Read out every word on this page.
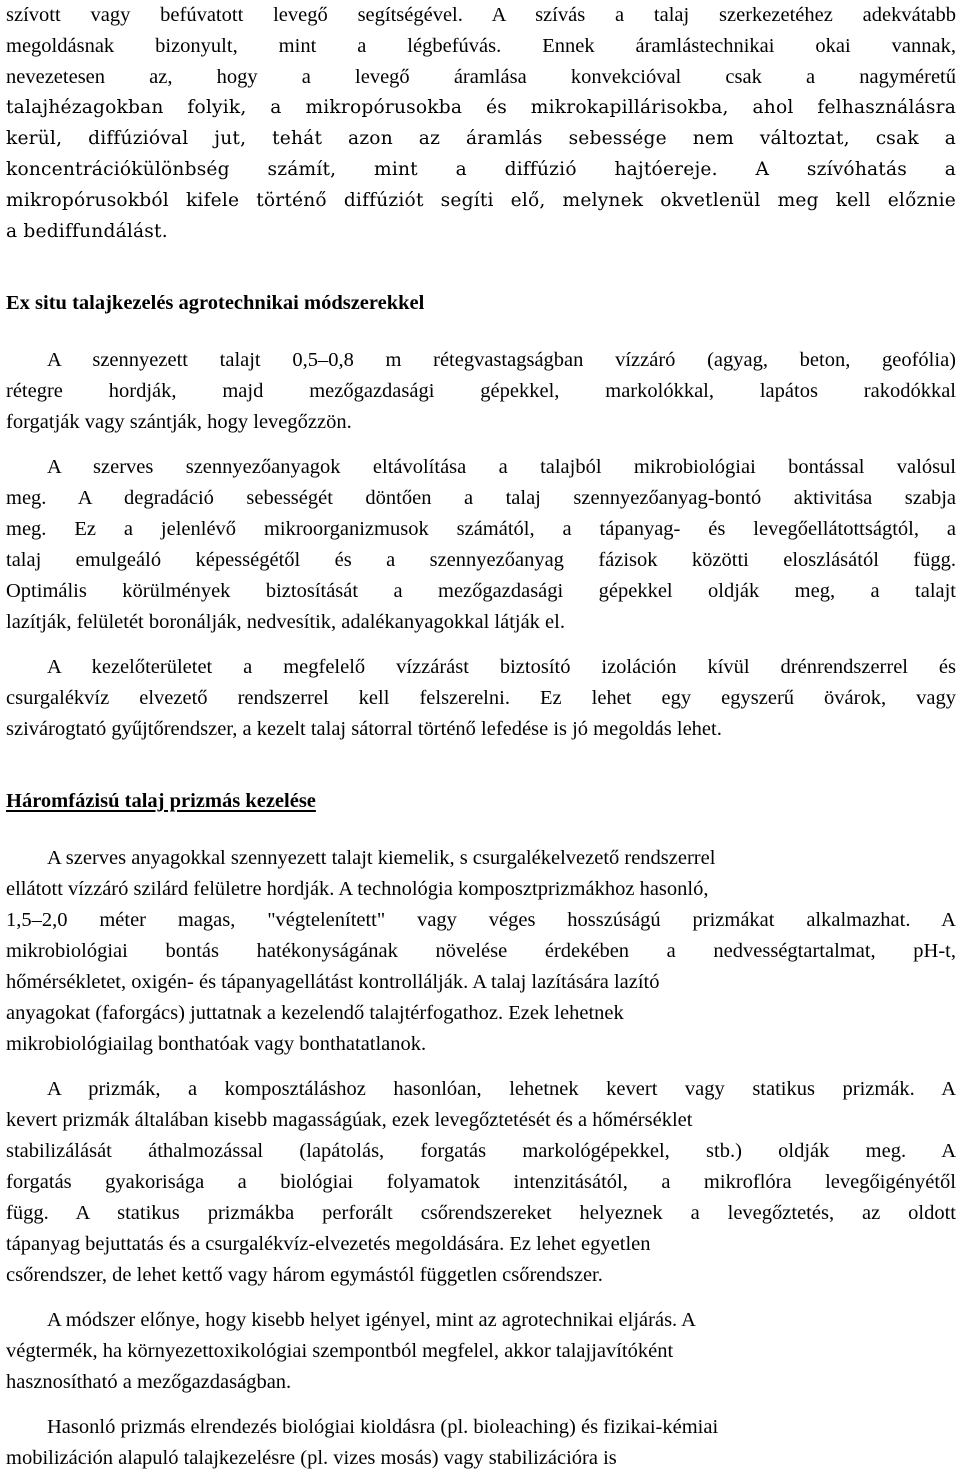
szívott vagy befúvatott levegő segítségével. A szívás a talaj szerkezetéhez adekvátabb
megoldásnak bizonyult, mint a légbefúvás. Ennek áramlástechnikai okai vannak,
nevezetesen az, hogy a levegő áramlása konvekcióval csak a nagyméretű
talajhézagokban folyik, a mikropórusokba és mikrokapillárisokba, ahol felhasználásra
kerül, diffúzióval jut, tehát azon az áramlás sebessége nem változtat, csak a
koncentrációkülönbség számít, mint a diffúzió hajtóereje. A szívóhatás a
mikropórusokból kifele történő diffúziót segíti elő, melynek okvetlenül meg kell előznie
a bediffundálást.
Ex situ talajkezelés agrotechnikai módszerekkel
A szennyezett talajt 0,5–0,8 m rétegvastagságban vízzáró (agyag, beton, geofólia)
rétegre hordják, majd mezőgazdasági gépekkel, markolókkal, lapátos rakodókkal
forgatják vagy szántják, hogy levegőzzön.
A szerves szennyezőanyagok eltávolítása a talajból mikrobiológiai bontással valósul
meg. A degradáció sebességét döntően a talaj szennyezőanyag-bontó aktivitása szabja
meg. Ez a jelenlévő mikroorganizmusok számától, a tápanyag- és levegőellátottságtól, a
talaj emulgeáló képességétől és a szennyezőanyag fázisok közötti eloszlásától függ.
Optimális körülmények biztosítását a mezőgazdasági gépekkel oldják meg, a talajt
lazítják, felületét boronálják, nedvesítik, adalékanyagokkal látják el.
A kezelőterületet a megfelelő vízzárást biztosító izoláción kívül drénrendszerrel és
csurgalékvíz elvezető rendszerrel kell felszerelni. Ez lehet egy egyszerű övárok, vagy
szivárogtató gyűjtőrendszer, a kezelt talaj sátorral történő lefedése is jó megoldás lehet.
Háromfázisú talaj prizmás kezelése
A szerves anyagokkal szennyezett talajt kiemelik, s csurgalékelvezető rendszerrel
ellátott vízzáró szilárd felületre hordják. A technológia komposztprizmákhoz hasonló,
1,5–2,0 méter magas, "végtelenített" vagy véges hosszúságú prizmákat alkalmazhat. A
mikrobiológiai bontás hatékonyságának növelése érdekében a nedvességtartalmat, pH-t,
hőmérsékletet, oxigén- és tápanyagellátást kontrollálják. A talaj lazítására lazító
anyagokat (faforgács) juttatnak a kezelendő talajtérfogathoz. Ezek lehetnek
mikrobiológiailag bonthatóak vagy bonthatatlanok.
A prizmák, a komposztáláshoz hasonlóan, lehetnek kevert vagy statikus prizmák. A
kevert prizmák általában kisebb magasságúak, ezek levegőztetését és a hőmérséklet
stabilizálását áthalmozással (lapátolás, forgatás markológépekkel, stb.) oldják meg. A
forgatás gyakorisága a biológiai folyamatok intenzitásától, a mikroflóra levegőigényétől
függ. A statikus prizmákba perforált csőrendszereket helyeznek a levegőztetés, az oldott
tápanyag bejuttatás és a csurgalékvíz-elvezetés megoldására. Ez lehet egyetlen
csőrendszer, de lehet kettő vagy három egymástól független csőrendszer.
A módszer előnye, hogy kisebb helyet igényel, mint az agrotechnikai eljárás. A
végtermék, ha környezettoxikológiai szempontból megfelel, akkor talajjavítóként
hasznosítható a mezőgazdaságban.
Hasonló prizmás elrendezés biológiai kioldásra (pl. bioleaching) és fizikai-kémiai
mobilizáción alapuló talajkezelésre (pl. vizes mosás) vagy stabilizációra is
